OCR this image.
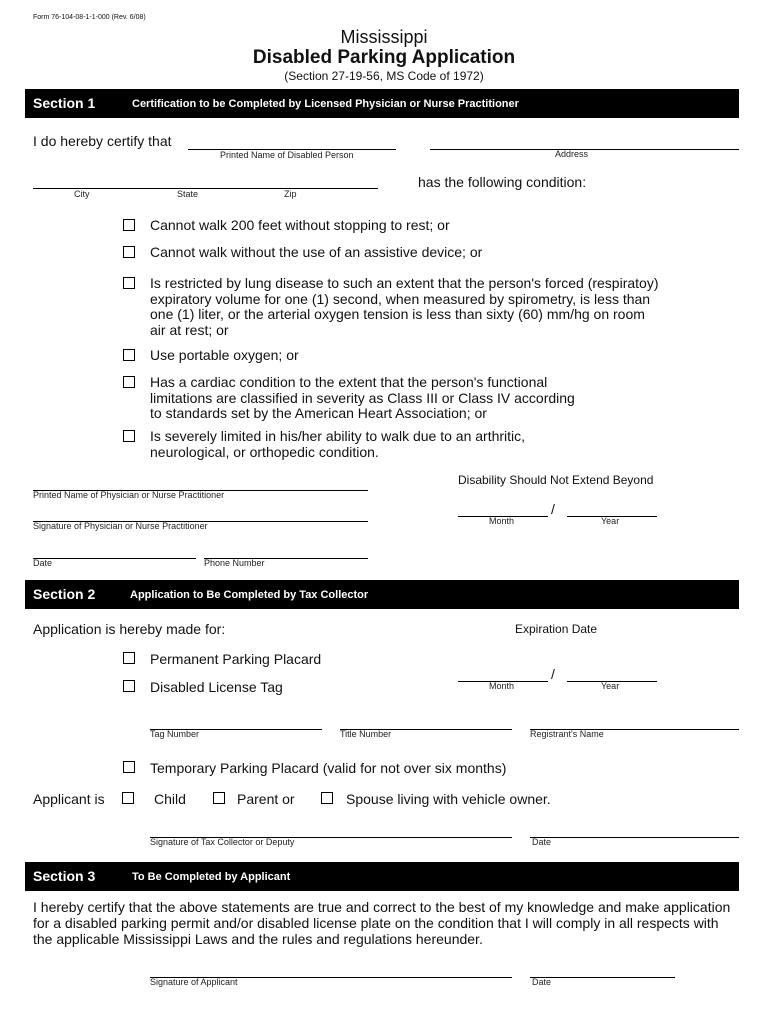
Form 76-104-08-1-1-000 (Rev. 6/08)
Mississippi
Disabled Parking Application
(Section 27-19-56, MS Code of 1972)
Section 1	Certification to be Completed by Licensed Physician or Nurse Practitioner
I do hereby certify that
Printed Name of Disabled Person	Address
City	State	Zip
has the following condition:
Cannot walk 200 feet without stopping to rest; or
Cannot walk without the use of an assistive device; or
Is restricted by lung disease to such an extent that the person's forced (respiratoy) expiratory volume for one (1) second, when measured by spirometry, is less than one (1) liter, or the arterial oxygen tension is less than sixty (60) mm/hg on room air at rest; or
Use portable oxygen; or
Has a cardiac condition to the extent that the person's functional limitations are classified in severity as Class III or Class IV according to standards set by the American Heart Association; or
Is severely limited in his/her ability to walk due to an arthritic, neurological, or orthopedic condition.
Printed Name of Physician or Nurse Practitioner
Signature of Physician or Nurse Practitioner
Date	Phone Number
Disability Should Not Extend Beyond
Month
/
Year
Section 2	Application to Be Completed by Tax Collector
Application is hereby made for:	Expiration Date
Permanent Parking Placard
Disabled License Tag	Month
/
Year
Tag Number	Title Number	Registrant's Name
Temporary Parking Placard (valid for not over six months)
Applicant is	Child	Parent or	Spouse living with vehicle owner.
Signature of Tax Collector or Deputy	Date
Section 3	To Be Completed by Applicant
I hereby certify that the above statements are true and correct to the best of my knowledge and make application for a disabled parking permit and/or disabled license plate on the condition that I will comply in all respects with the applicable Mississippi Laws and the rules and regulations hereunder.
Signature of Applicant	Date
